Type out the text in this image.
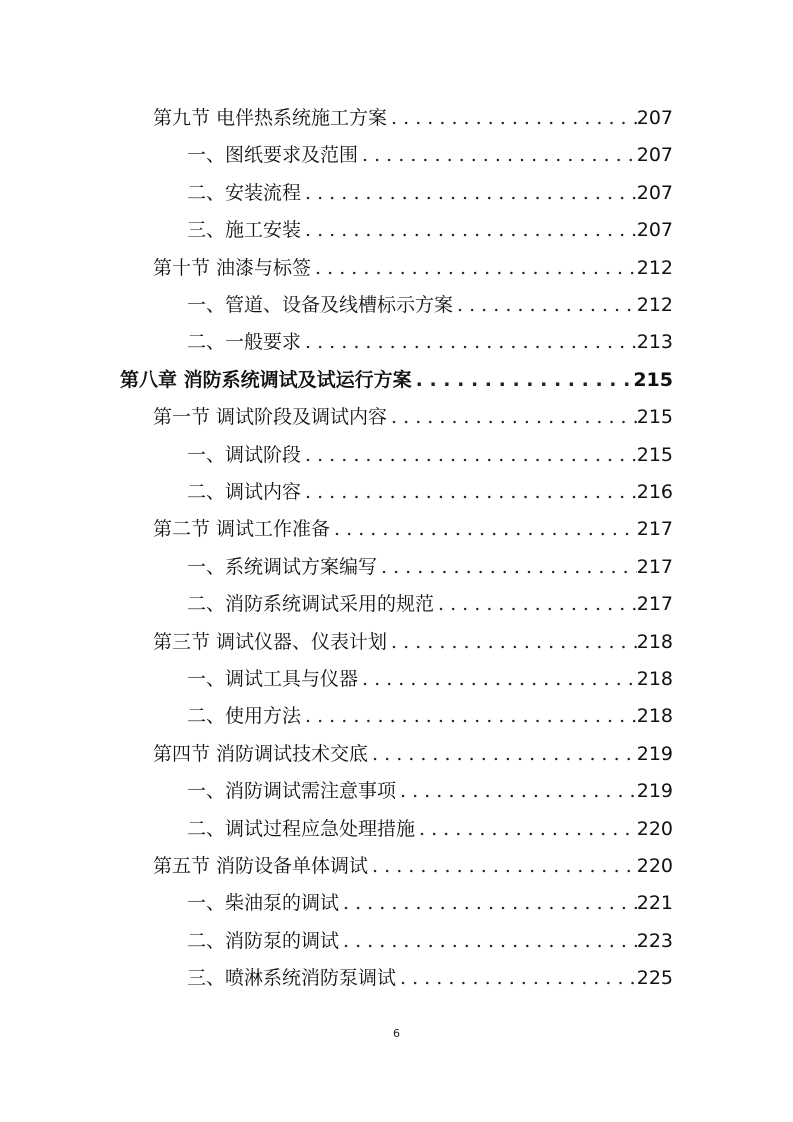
第九节 电伴热系统施工方案 . . .	207
一、图纸要求及范围 . . .	207
二、安装流程 . . .	207
三、施工安装 . . .	207
第十节 油漆与标签 . . .	212
一、管道、设备及线槽标示方案 . . .	212
二、一般要求 . . .	213
第八章 消防系统调试及试运行方案 . . .	215
第一节 调试阶段及调试内容 . . .	215
一、调试阶段 . . .	215
二、调试内容 . . .	216
第二节 调试工作准备 . . .	217
一、系统调试方案编写 . . .	217
二、消防系统调试采用的规范 . . .	217
第三节 调试仪器、仪表计划 . . .	218
一、调试工具与仪器 . . .	218
二、使用方法 . . .	218
第四节 消防调试技术交底 . . .	219
一、消防调试需注意事项 . . .	219
二、调试过程应急处理措施 . . .	220
第五节 消防设备单体调试 . . .	220
一、柴油泵的调试 . . .	221
二、消防泵的调试 . . .	223
三、喷淋系统消防泵调试 . . .	225
6
